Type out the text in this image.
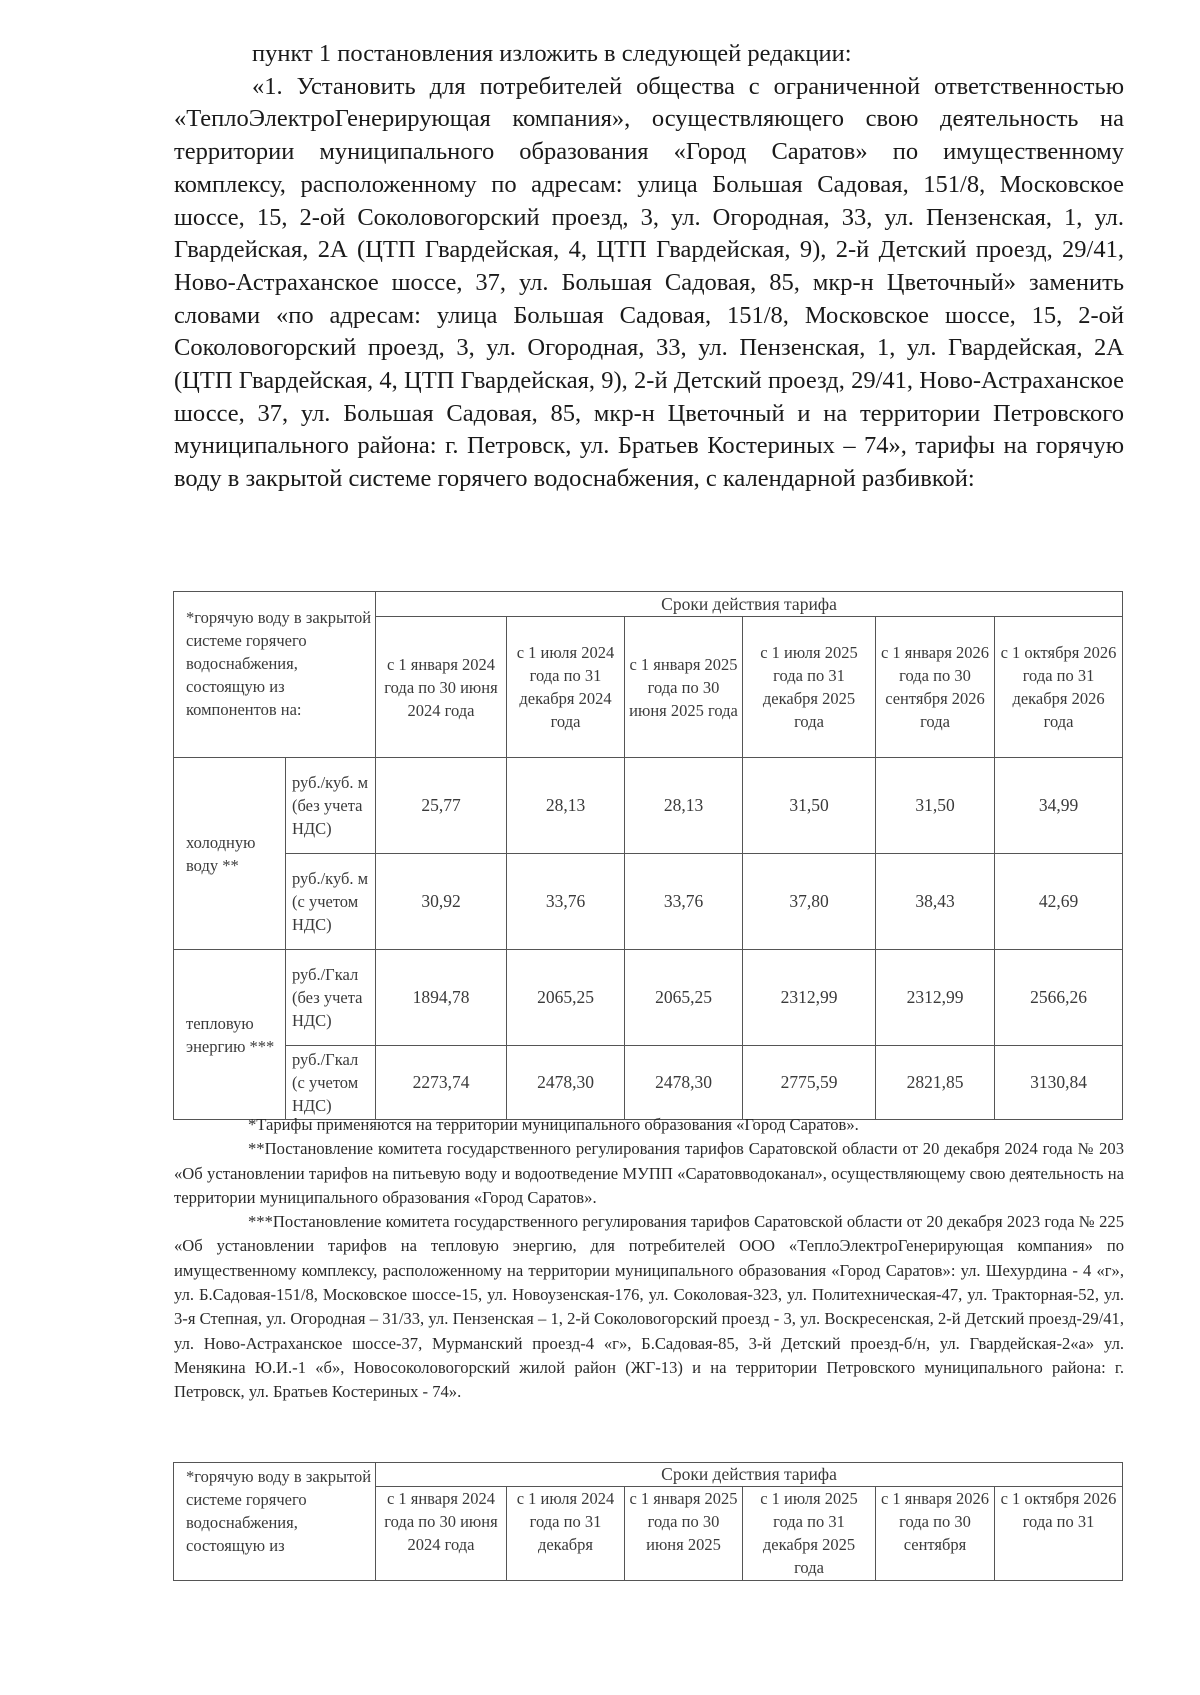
пункт 1 постановления изложить в следующей редакции:

«1. Установить для потребителей общества с ограниченной ответственностью «ТеплоЭлектроГенерирующая компания», осуществляющего свою деятельность на территории муниципального образования «Город Саратов» по имущественному комплексу, расположенному по адресам: улица Большая Садовая, 151/8, Московское шоссе, 15, 2-ой Соколовогорский проезд, 3, ул. Огородная, 33, ул. Пензенская, 1, ул. Гвардейская, 2А (ЦТП Гвардейская, 4, ЦТП Гвардейская, 9), 2-й Детский проезд, 29/41, Ново-Астраханское шоссе, 37, ул. Большая Садовая, 85, мкр-н Цветочный» заменить словами «по адресам: улица Большая Садовая, 151/8, Московское шоссе, 15, 2-ой Соколовогорский проезд, 3, ул. Огородная, 33, ул. Пензенская, 1, ул. Гвардейская, 2А (ЦТП Гвардейская, 4, ЦТП Гвардейская, 9), 2-й Детский проезд, 29/41, Ново-Астраханское шоссе, 37, ул. Большая Садовая, 85, мкр-н Цветочный и на территории Петровского муниципального района: г. Петровск, ул. Братьев Костериных – 74», тарифы на горячую воду в закрытой системе горячего водоснабжения, с календарной разбивкой:

*горячую воду в закрытой системе горячего водоснабжения, состоящую из компонентов на:		Сроки действия тарифа					
		с 1 января 2024 года по 30 июня 2024 года	с 1 июля 2024 года по 31 декабря 2024 года	с 1 января 2025 года по 30 июня 2025 года	с 1 июля 2025 года по 31 декабря 2025 года	с 1 января 2026 года по 30 сентября 2026 года	с 1 октября 2026 года по 31 декабря 2026 года
холодную воду **	руб./куб. м (без учета НДС)	25,77	28,13	28,13	31,50	31,50	34,99
	руб./куб. м (с учетом НДС)	30,92	33,76	33,76	37,80	38,43	42,69
тепловую энергию ***	руб./Гкал (без учета НДС)	1894,78	2065,25	2065,25	2312,99	2312,99	2566,26
	руб./Гкал (с учетом НДС)	2273,74	2478,30	2478,30	2775,59	2821,85	3130,84

*Тарифы применяются на территории муниципального образования «Город Саратов».

**Постановление комитета государственного регулирования тарифов Саратовской области от 20 декабря 2024 года № 203 «Об установлении тарифов на питьевую воду и водоотведение МУПП «Саратовводоканал», осуществляющему свою деятельность на территории муниципального образования «Город Саратов».

***Постановление комитета государственного регулирования тарифов Саратовской области от 20 декабря 2023 года № 225 «Об установлении тарифов на тепловую энергию, для потребителей ООО «ТеплоЭлектроГенерирующая компания» по имущественному комплексу, расположенному на территории муниципального образования «Город Саратов»: ул. Шехурдина - 4 «г», ул. Б.Садовая-151/8, Московское шоссе-15, ул. Новоузенская-176, ул. Соколовая-323, ул. Политехническая-47, ул. Тракторная-52, ул. 3-я Степная, ул. Огородная – 31/33, ул. Пензенская – 1, 2-й Соколовогорский проезд - 3, ул. Воскресенская, 2-й Детский проезд-29/41, ул. Ново-Астраханское шоссе-37, Мурманский проезд-4 «г», Б.Садовая-85, 3-й Детский проезд-б/н, ул. Гвардейская-2«а» ул. Менякина Ю.И.-1 «б», Новосоколовогорский жилой район (ЖГ-13) и на территории Петровского муниципального района: г. Петровск, ул. Братьев Костериных - 74».

*горячую воду в закрытой системе горячего водоснабжения, состоящую из	Сроки действия тарифа					
	с 1 января 2024 года по 30 июня 2024 года	с 1 июля 2024 года по 31 декабря	с 1 января 2025 года по 30 июня 2025	с 1 июля 2025 года по 31 декабря 2025 года	с 1 января 2026 года по 30 сентября	с 1 октября 2026 года по 31
